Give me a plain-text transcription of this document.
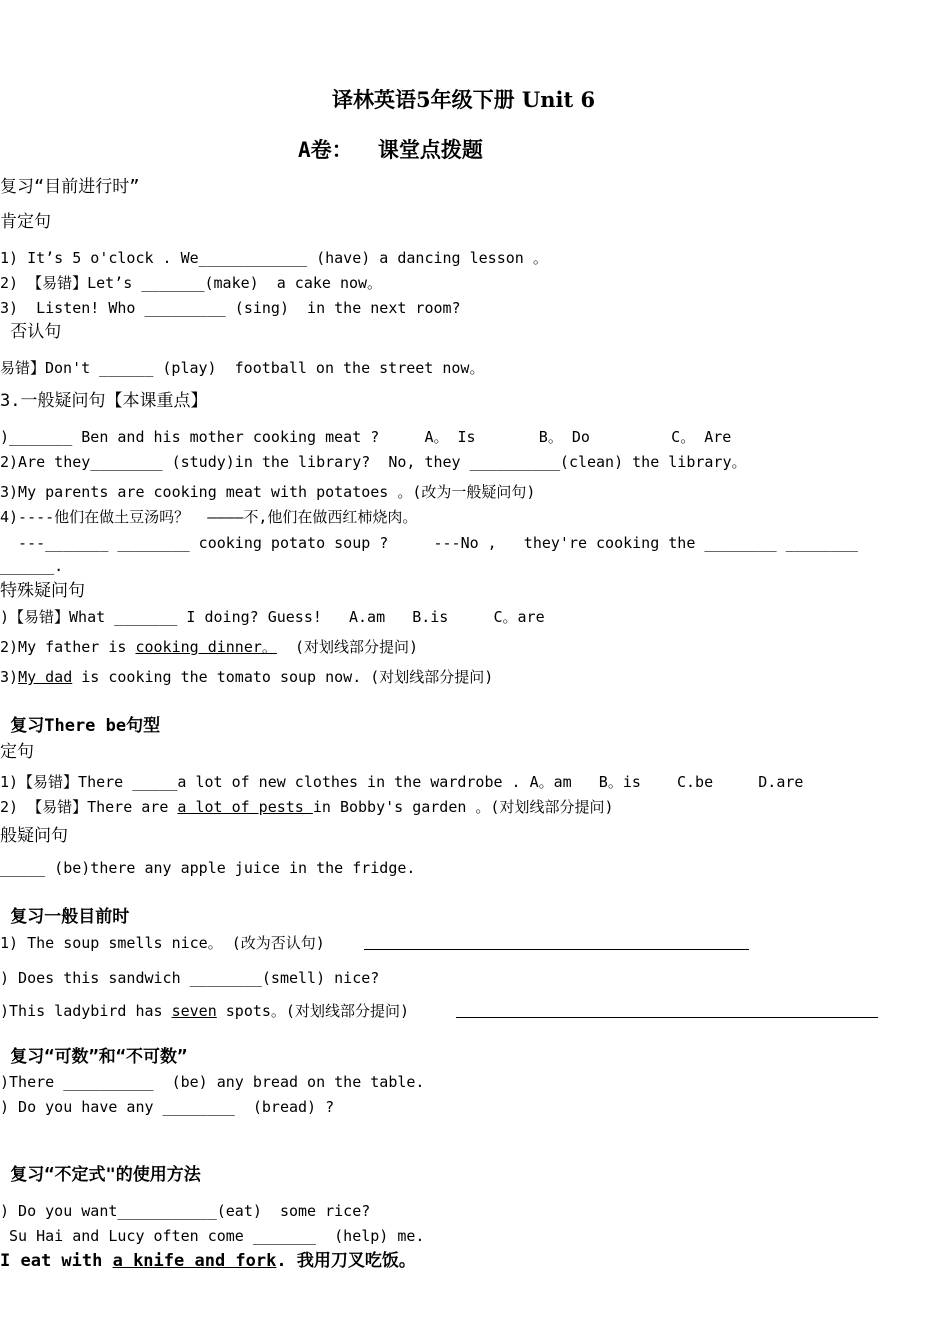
译林英语5年级下册 Unit 6
A卷：  课堂点拨题
复习“目前进行时”
肯定句
1) It’s 5 o'clock . We____________ (have) a dancing lesson 。
2) 【易错】Let’s _______(make)  a cake now。
3)  Listen! Who _________ (sing)  in the next room?
否认句
易错】Don't ______ (play)  football on the street now。
3.一般疑问句【本课重点】
)_______ Ben and his mother cooking meat ?     A。 Is       B。 Do         C。 Are
2)Are they________ (study)in the library?  No, they __________(clean) the library。
3)My parents are cooking meat with potatoes 。(改为一般疑问句)
4)----他们在做土豆汤吗？  ————不,他们在做西红柿烧肉。
---_______ ________ cooking potato soup ?     ---No ,   they're cooking the ________ ________
______.
特殊疑问句
)【易错】What _______ I doing? Guess!   A.am   B.is     C。are
2)My father is cooking dinner。  (对划线部分提问)
3)My dad is cooking the tomato soup now. (对划线部分提问)
复习There be句型
定句
1)【易错】There _____a lot of new clothes in the wardrobe . A。am   B。is    C.be     D.are
2) 【易错】There are a lot of pests in Bobby's garden 。(对划线部分提问)
般疑问句
_____ (be)there any apple juice in the fridge.
复习一般目前时
1) The soup smells nice。 (改为否认句)
) Does this sandwich ________(smell) nice?
)This ladybird has seven spots。(对划线部分提问)
复习“可数”和“不可数”
)There __________  (be) any bread on the table.
) Do you have any ________  (bread) ?
复习“不定式"的使用方法
) Do you want___________(eat)  some rice?
Su Hai and Lucy often come _______  (help) me.
I eat with a knife and fork. 我用刀叉吃饭。
